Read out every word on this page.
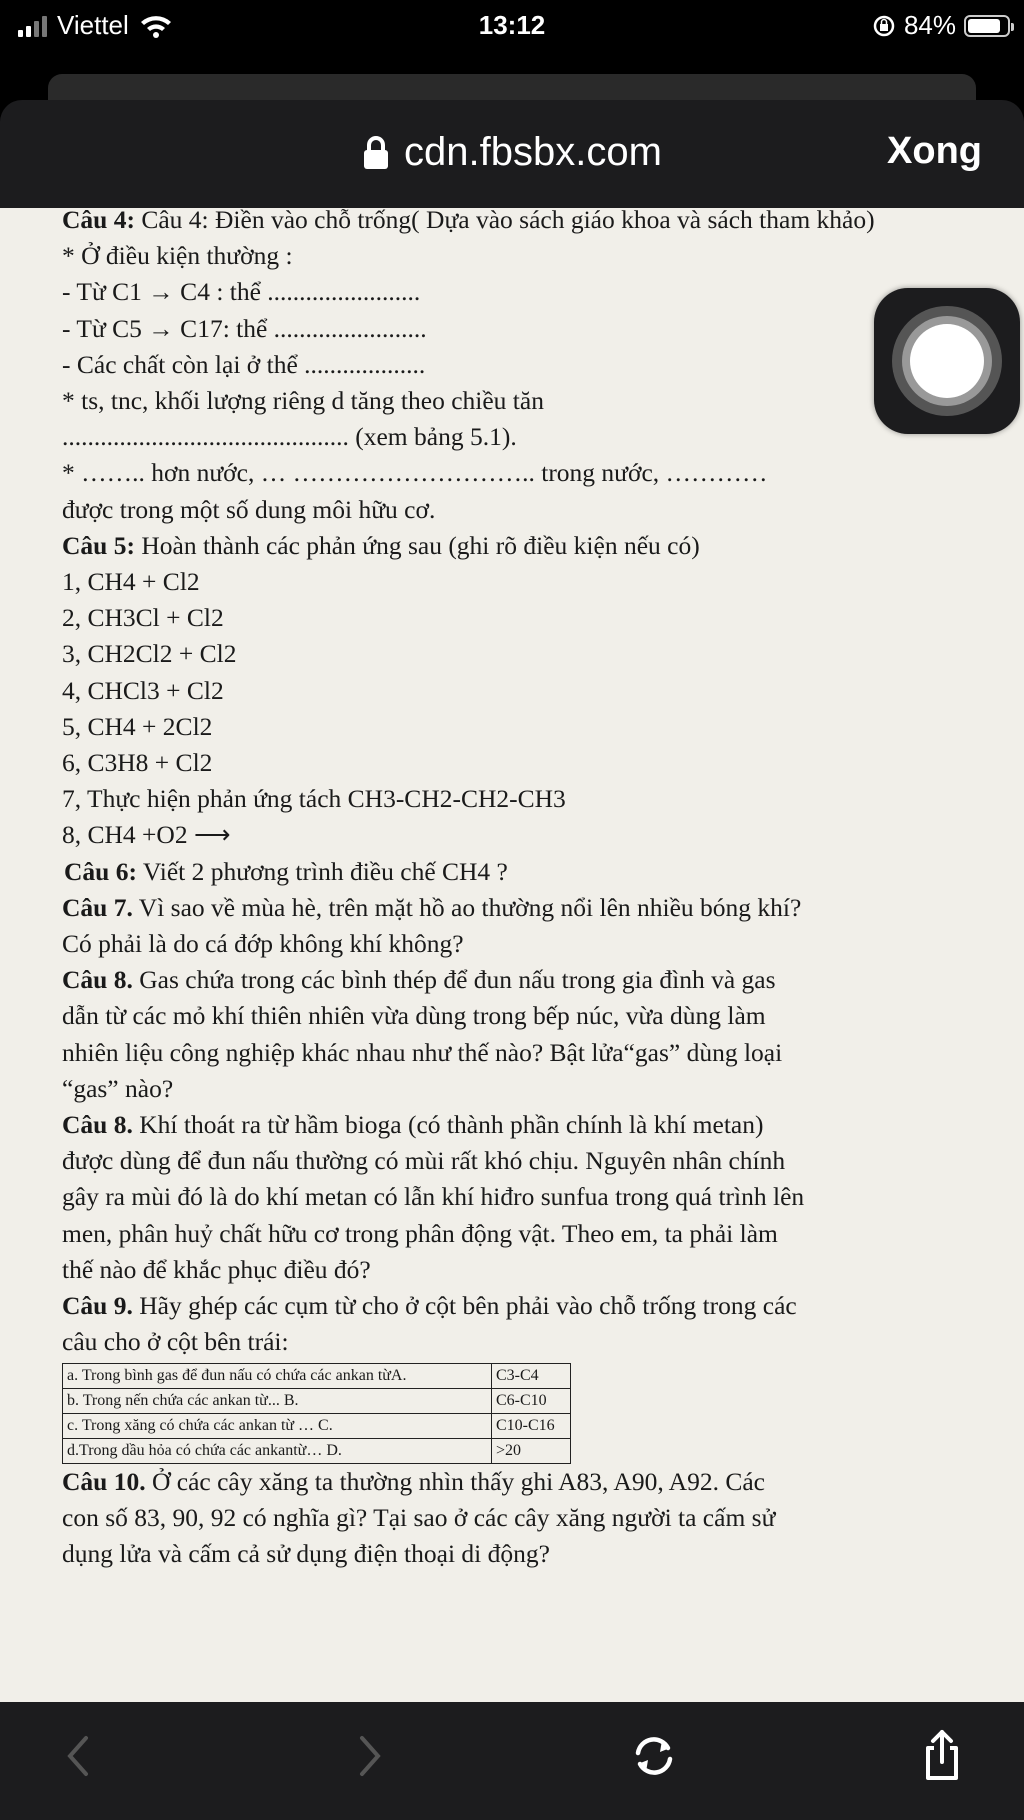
Viettel	13:12	84%
cdn.fbsbx.com	Xong

Câu 4: Câu 4: Điền vào chỗ trống( Dựa vào sách giáo khoa và sách tham khảo)

* Ở điều kiện thường :

- Từ C1 → C4 : thể ........................

- Từ C5 → C17: thể ........................

- Các chất còn lại ở thể ...................

* ts, tnc, khối lượng riêng d tăng theo chiều tăn

............................................. (xem bảng 5.1).

* …….. hơn nước, … ……………………….. trong nước, …………

được trong một số dung môi hữu cơ.

Câu 5: Hoàn thành các phản ứng sau (ghi rõ điều kiện nếu có)

1, CH4 + Cl2

2, CH3Cl + Cl2

3, CH2Cl2 + Cl2

4, CHCl3 + Cl2

5, CH4 + 2Cl2

6, C3H8 + Cl2

7, Thực hiện phản ứng tách CH3-CH2-CH2-CH3

8, CH4 +O2 ⟶

Câu 6: Viết 2 phương trình điều chế CH4 ?

Câu 7. Vì sao về mùa hè, trên mặt hồ ao thường nổi lên nhiều bóng khí?

Có phải là do cá đớp không khí không?

Câu 8. Gas chứa trong các bình thép để đun nấu trong gia đình và gas

dẫn từ các mỏ khí thiên nhiên vừa dùng trong bếp núc, vừa dùng làm

nhiên liệu công nghiệp khác nhau như thế nào? Bật lửa“gas” dùng loại

“gas” nào?

Câu 8. Khí thoát ra từ hầm bioga (có thành phần chính là khí metan)

được dùng để đun nấu thường có mùi rất khó chịu. Nguyên nhân chính

gây ra mùi đó là do khí metan có lẫn khí hiđro sunfua trong quá trình lên

men, phân huỷ chất hữu cơ trong phân động vật. Theo em, ta phải làm

thế nào để khắc phục điều đó?

Câu 9. Hãy ghép các cụm từ cho ở cột bên phải vào chỗ trống trong các

câu cho ở cột bên trái:

a. Trong bình gas để đun nấu có chứa các ankan từA.	C3-C4
b. Trong nến chứa các ankan từ... B.	C6-C10
c. Trong xăng có chứa các ankan từ … C.	C10-C16
d.Trong dầu hỏa có chứa các ankantừ… D.	>20

Câu 10. Ở các cây xăng ta thường nhìn thấy ghi A83, A90, A92. Các

con số 83, 90, 92 có nghĩa gì? Tại sao ở các cây xăng người ta cấm sử

dụng lửa và cấm cả sử dụng điện thoại di động?
